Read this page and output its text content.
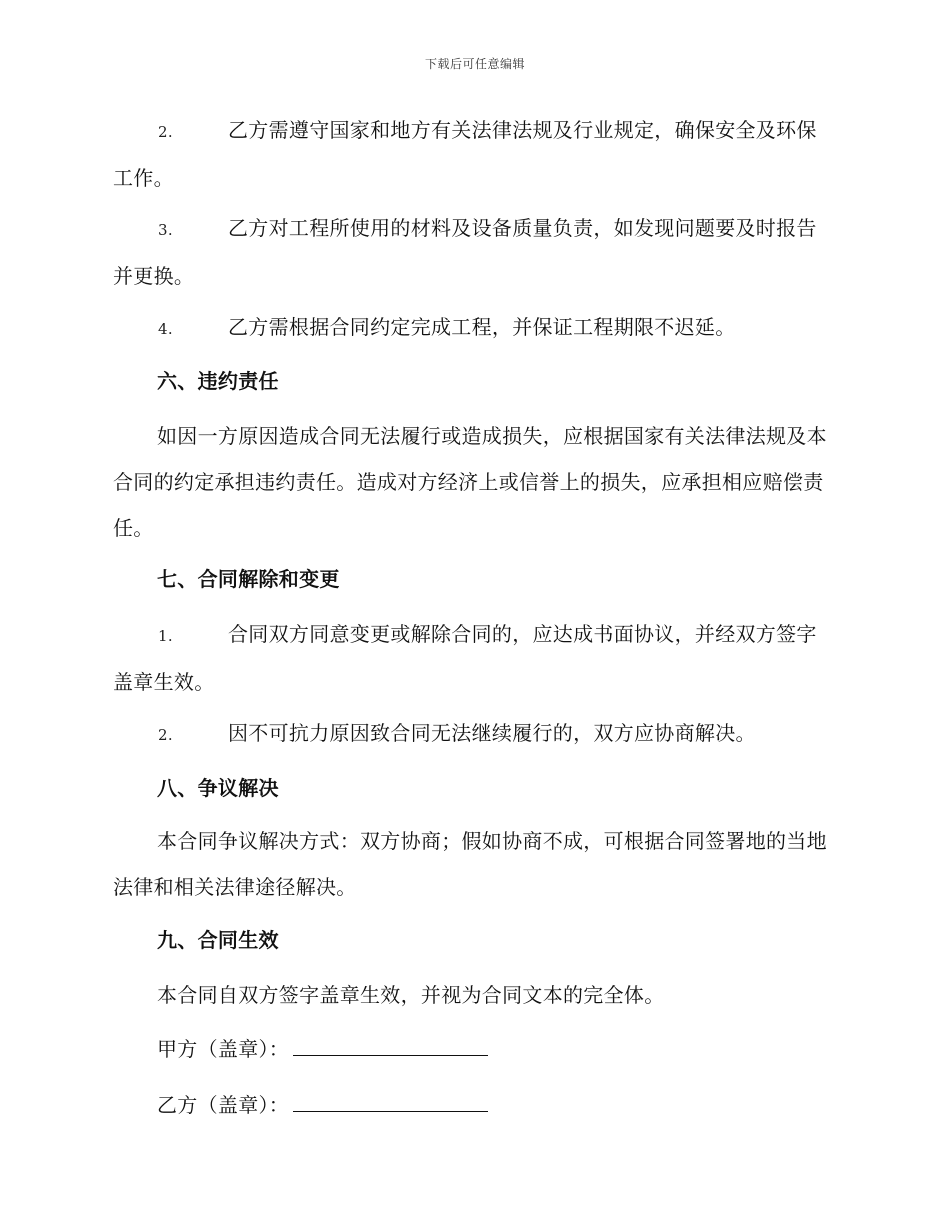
下载后可任意编辑
2.	乙方需遵守国家和地方有关法律法规及行业规定，确保安全及环保工作。
3.	乙方对工程所使用的材料及设备质量负责，如发现问题要及时报告并更换。
4.	乙方需根据合同约定完成工程，并保证工程期限不迟延。
六、违约责任
如因一方原因造成合同无法履行或造成损失，应根据国家有关法律法规及本合同的约定承担违约责任。造成对方经济上或信誉上的损失，应承担相应赔偿责任。
七、合同解除和变更
1.	合同双方同意变更或解除合同的，应达成书面协议，并经双方签字盖章生效。
2.	因不可抗力原因致合同无法继续履行的，双方应协商解决。
八、争议解决
本合同争议解决方式：双方协商；假如协商不成，可根据合同签署地的当地法律和相关法律途径解决。
九、合同生效
本合同自双方签字盖章生效，并视为合同文本的完全体。
甲方（盖章）：
乙方（盖章）：
